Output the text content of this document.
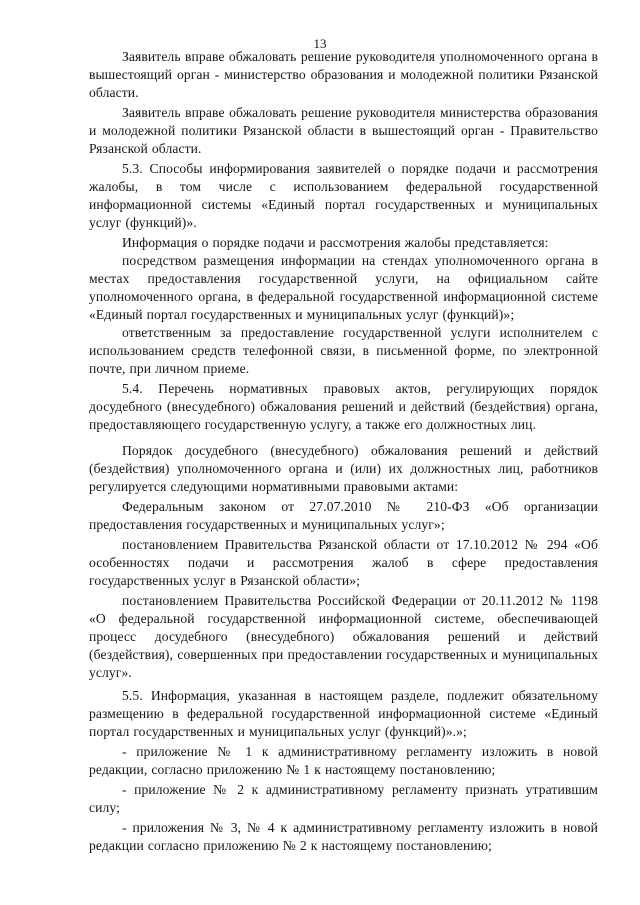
13

Заявитель вправе обжаловать решение руководителя уполномоченного органа в вышестоящий орган - министерство образования и молодежной политики Рязанской области.

Заявитель вправе обжаловать решение руководителя министерства образования и молодежной политики Рязанской области в вышестоящий орган - Правительство Рязанской области.

5.3. Способы информирования заявителей о порядке подачи и рассмотрения жалобы, в том числе с использованием федеральной государственной информационной системы «Единый портал государственных и муниципальных услуг (функций)».

Информация о порядке подачи и рассмотрения жалобы представляется:

посредством размещения информации на стендах уполномоченного органа в местах предоставления государственной услуги, на официальном сайте уполномоченного органа, в федеральной государственной информационной системе «Единый портал государственных и муниципальных услуг (функций)»;

ответственным за предоставление государственной услуги исполнителем с использованием средств телефонной связи, в письменной форме, по электронной почте, при личном приеме.

5.4. Перечень нормативных правовых актов, регулирующих порядок досудебного (внесудебного) обжалования решений и действий (бездействия) органа, предоставляющего государственную услугу, а также его должностных лиц.

Порядок досудебного (внесудебного) обжалования решений и действий (бездействия) уполномоченного органа и (или) их должностных лиц, работников регулируется следующими нормативными правовыми актами:

Федеральным законом от 27.07.2010 № 210-ФЗ «Об организации предоставления государственных и муниципальных услуг»;

постановлением Правительства Рязанской области от 17.10.2012 № 294 «Об особенностях подачи и рассмотрения жалоб в сфере предоставления государственных услуг в Рязанской области»;

постановлением Правительства Российской Федерации от 20.11.2012 № 1198 «О федеральной государственной информационной системе, обеспечивающей процесс досудебного (внесудебного) обжалования решений и действий (бездействия), совершенных при предоставлении государственных и муниципальных услуг».

5.5. Информация, указанная в настоящем разделе, подлежит обязательному размещению в федеральной государственной информационной системе «Единый портал государственных и муниципальных услуг (функций)».»;

- приложение № 1 к административному регламенту изложить в новой редакции, согласно приложению № 1 к настоящему постановлению;

- приложение № 2 к административному регламенту признать утратившим силу;

- приложения № 3, № 4 к административному регламенту изложить в новой редакции согласно приложению № 2 к настоящему постановлению;
